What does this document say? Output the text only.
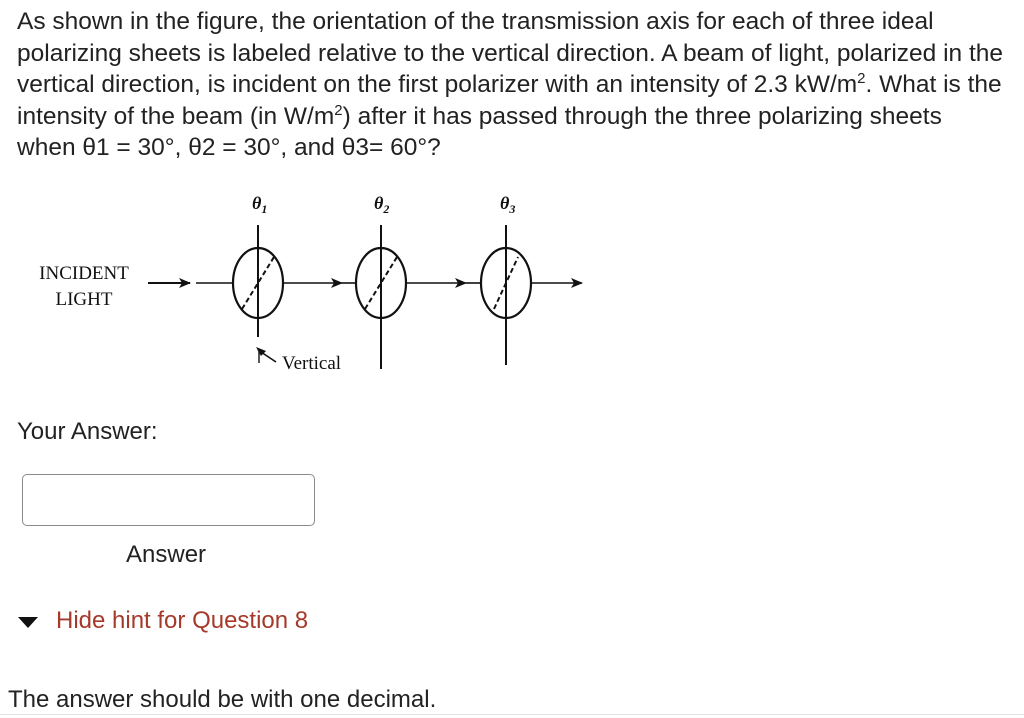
As shown in the figure, the orientation of the transmission axis for each of three ideal polarizing sheets is labeled relative to the vertical direction. A beam of light, polarized in the vertical direction, is incident on the first polarizer with an intensity of 2.3 $kW/m^2$. What is the intensity of the beam (in $W/m^2$) after it has passed through the three polarizing sheets when θ1 = 30°, θ2 = 30°, and θ3= 60°?
INCIDENT
LIGHT
$\theta_1$	$\theta_2$	$\theta_3$
Vertical
Your Answer:
Answer
Hide hint for Question 8
The answer should be with one decimal.
